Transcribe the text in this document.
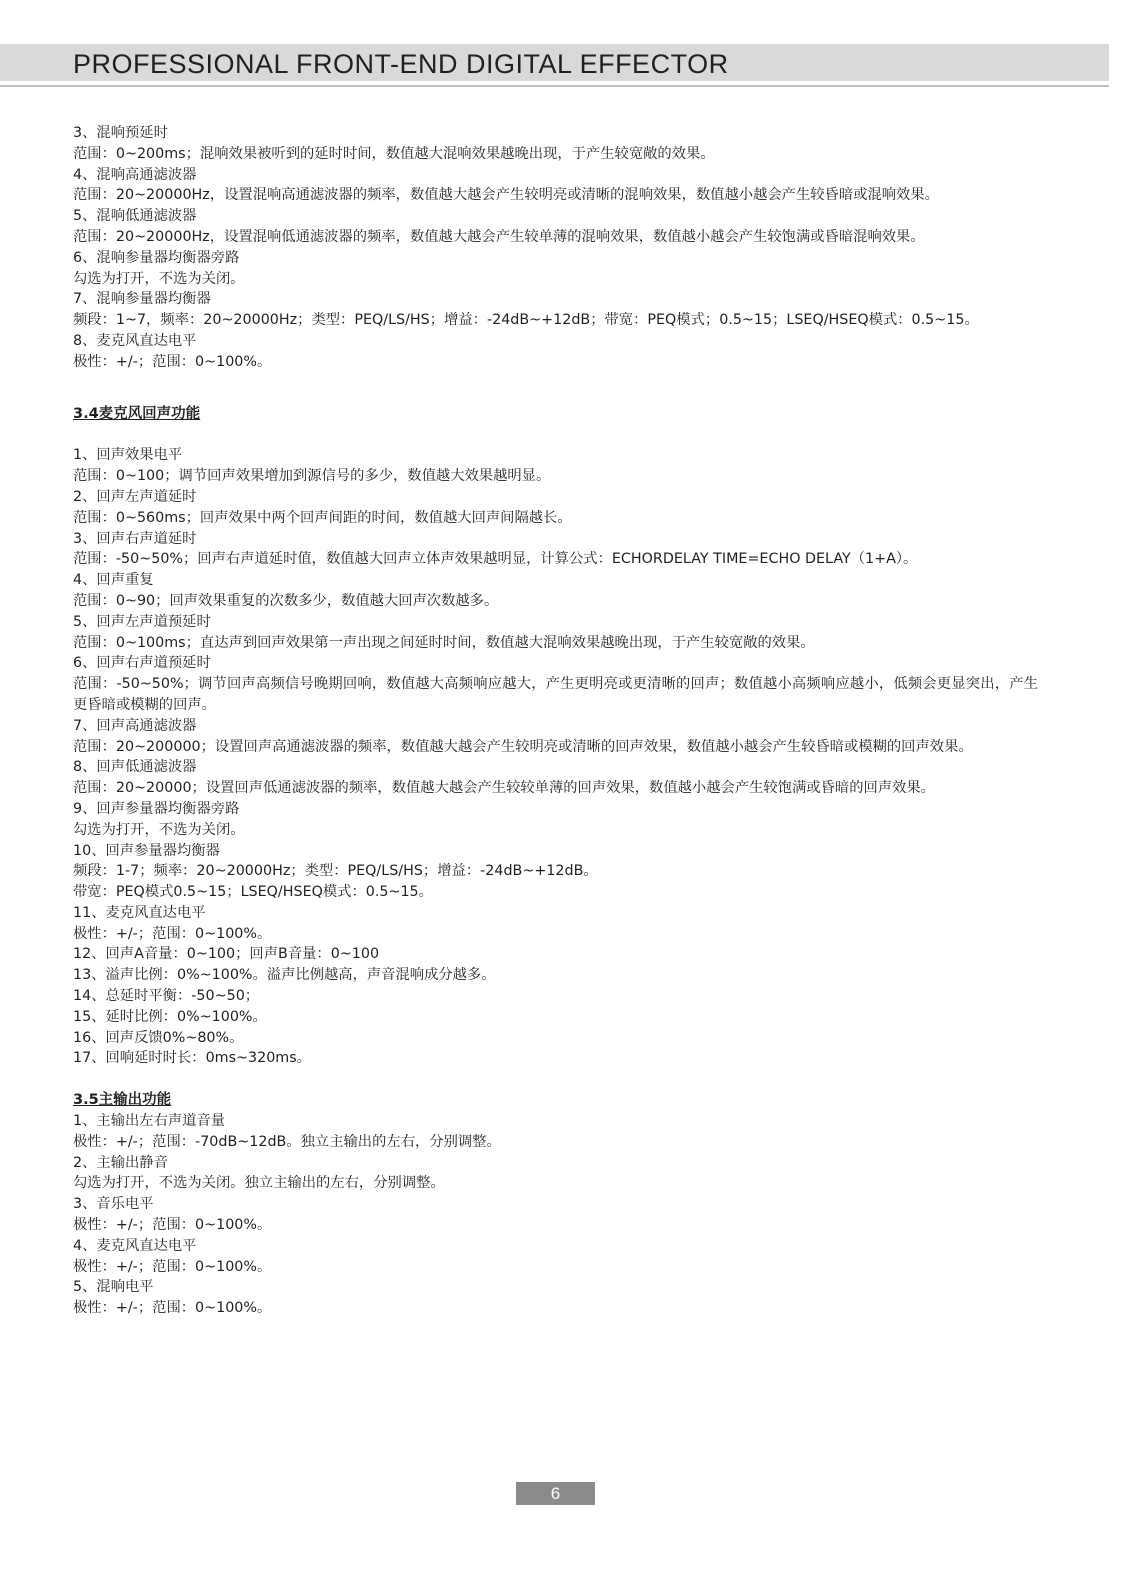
PROFESSIONAL FRONT-END DIGITAL EFFECTOR

3、混响预延时

范围：0~200ms；混响效果被听到的延时时间，数值越大混响效果越晚出现，于产生较宽敞的效果。

4、混响高通滤波器

范围：20~20000Hz，设置混响高通滤波器的频率，数值越大越会产生较明亮或清晰的混响效果，数值越小越会产生较昏暗或混响效果。

5、混响低通滤波器

范围：20~20000Hz，设置混响低通滤波器的频率，数值越大越会产生较单薄的混响效果，数值越小越会产生较饱满或昏暗混响效果。

6、混响参量器均衡器旁路

勾选为打开，不选为关闭。

7、混响参量器均衡器

频段：1~7，频率：20~20000Hz；类型：PEQ/LS/HS；增益：-24dB~+12dB；带宽：PEQ模式；0.5~15；LSEQ/HSEQ模式：0.5~15。

8、麦克风直达电平

极性：+/-；范围：0~100%。

3.4麦克风回声功能

1、回声效果电平

范围：0~100；调节回声效果增加到源信号的多少，数值越大效果越明显。

2、回声左声道延时

范围：0~560ms；回声效果中两个回声间距的时间，数值越大回声间隔越长。

3、回声右声道延时

范围：-50~50%；回声右声道延时值，数值越大回声立体声效果越明显，计算公式：ECHORDELAY TIME=ECHO DELAY（1+A）。

4、回声重复

范围：0~90；回声效果重复的次数多少，数值越大回声次数越多。

5、回声左声道预延时

范围：0~100ms；直达声到回声效果第一声出现之间延时时间，数值越大混响效果越晚出现，于产生较宽敞的效果。

6、回声右声道预延时

范围：-50~50%；调节回声高频信号晚期回响，数值越大高频响应越大，产生更明亮或更清晰的回声；数值越小高频响应越小，低频会更显突出，产生更昏暗或模糊的回声。

7、回声高通滤波器

范围：20~200000；设置回声高通滤波器的频率，数值越大越会产生较明亮或清晰的回声效果，数值越小越会产生较昏暗或模糊的回声效果。

8、回声低通滤波器

范围：20~20000；设置回声低通滤波器的频率，数值越大越会产生较较单薄的回声效果，数值越小越会产生较饱满或昏暗的回声效果。

9、回声参量器均衡器旁路

勾选为打开，不选为关闭。

10、回声参量器均衡器

频段：1-7；频率：20~20000Hz；类型：PEQ/LS/HS；增益：-24dB~+12dB。

带宽：PEQ模式0.5~15；LSEQ/HSEQ模式：0.5~15。

11、麦克风直达电平

极性：+/-；范围：0~100%。

12、回声A音量：0~100；回声B音量：0~100

13、溢声比例：0%~100%。溢声比例越高，声音混响成分越多。

14、总延时平衡：-50~50；

15、延时比例：0%~100%。

16、回声反馈0%~80%。

17、回响延时时长：0ms~320ms。

3.5主输出功能

1、主输出左右声道音量

极性：+/-；范围：-70dB~12dB。独立主输出的左右，分别调整。

2、主输出静音

勾选为打开，不选为关闭。独立主输出的左右，分别调整。

3、音乐电平

极性：+/-；范围：0~100%。

4、麦克风直达电平

极性：+/-；范围：0~100%。

5、混响电平

极性：+/-；范围：0~100%。

6
